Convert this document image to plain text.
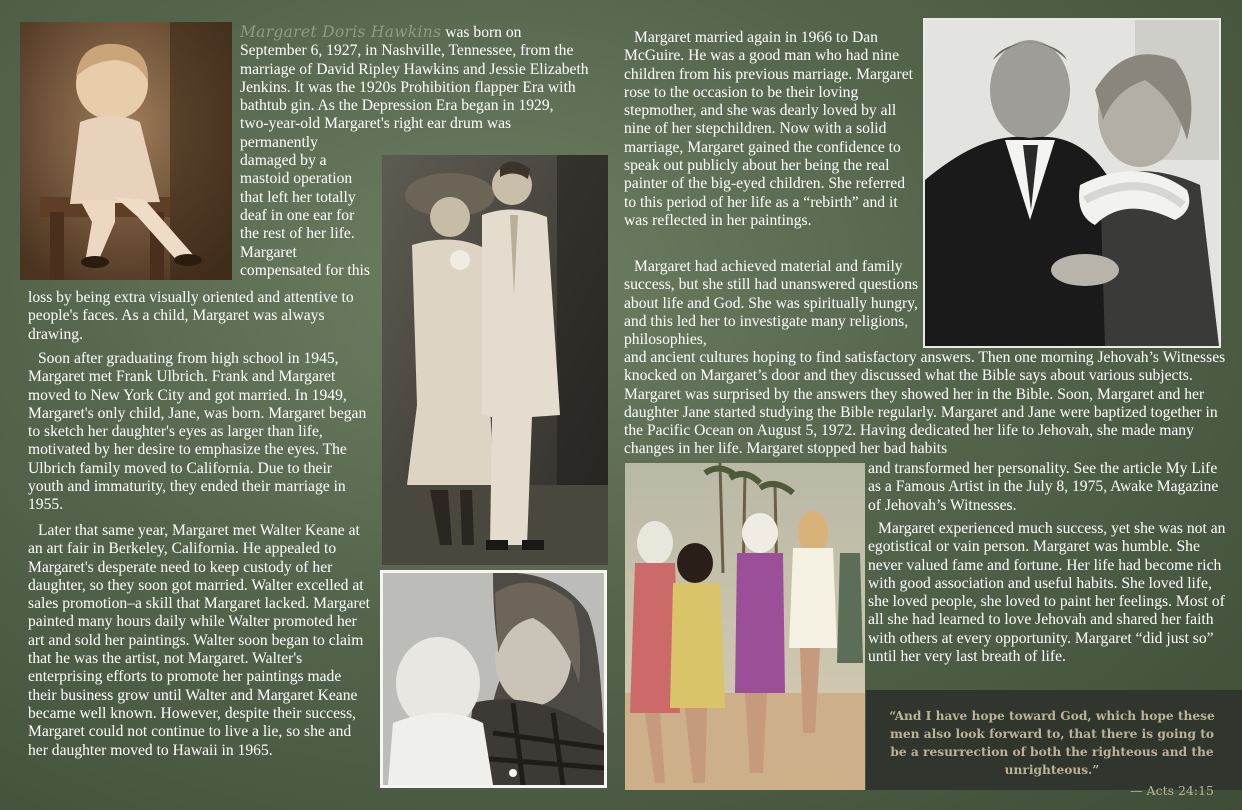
Margaret Doris Hawkins was born on
September 6, 1927, in Nashville, Tennessee, from the
marriage of David Ripley Hawkins and Jessie Elizabeth
Jenkins. It was the 1920s Prohibition flapper Era with
bathtub gin. As the Depression Era began in 1929,
two-year-old Margaret's right ear drum was
permanently
damaged by a
mastoid operation
that left her totally
deaf in one ear for
the rest of her life.
Margaret
compensated for this

loss by being extra visually oriented and attentive to people's faces. As a child, Margaret was always drawing.

Soon after graduating from high school in 1945, Margaret met Frank Ulbrich. Frank and Margaret moved to New York City and got married. In 1949, Margaret's only child, Jane, was born. Margaret began to sketch her daughter's eyes as larger than life, motivated by her desire to emphasize the eyes. The Ulbrich family moved to California. Due to their youth and immaturity, they ended their marriage in 1955.

Later that same year, Margaret met Walter Keane at an art fair in Berkeley, California. He appealed to Margaret's desperate need to keep custody of her daughter, so they soon got married. Walter excelled at sales promotion–a skill that Margaret lacked. Margaret painted many hours daily while Walter promoted her art and sold her paintings. Walter soon began to claim that he was the artist, not Margaret. Walter's enterprising efforts to promote her paintings made their business grow until Walter and Margaret Keane became well known. However, despite their success, Margaret could not continue to live a lie, so she and her daughter moved to Hawaii in 1965.

Margaret married again in 1966 to Dan McGuire. He was a good man who had nine children from his previous marriage. Margaret rose to the occasion to be their loving stepmother, and she was dearly loved by all nine of her stepchildren. Now with a solid marriage, Margaret gained the confidence to speak out publicly about her being the real painter of the big-eyed children. She referred to this period of her life as a “rebirth” and it was reflected in her paintings.

Margaret had achieved material and family success, but she still had unanswered questions about life and God. She was spiritually hungry, and this led her to investigate many religions, philosophies,

and ancient cultures hoping to find satisfactory answers. Then one morning Jehovah’s Witnesses knocked on Margaret’s door and they discussed what the Bible says about various subjects. Margaret was surprised by the answers they showed her in the Bible. Soon, Margaret and her daughter Jane started studying the Bible regularly. Margaret and Jane were baptized together in the Pacific Ocean on August 5, 1972. Having dedicated her life to Jehovah, she made many changes in her life. Margaret stopped her bad habits

and transformed her personality. See the article My Life as a Famous Artist in the July 8, 1975, Awake Magazine of Jehovah’s Witnesses.

Margaret experienced much success, yet she was not an egotistical or vain person. Margaret was humble. She never valued fame and fortune. Her life had become rich with good association and useful habits. She loved life, she loved people, she loved to paint her feelings. Most of all she had learned to love Jehovah and shared her faith with others at every opportunity. Margaret “did just so” until her very last breath of life.

“And I have hope toward God, which hope these men also look forward to, that there is going to be a resurrection of both the righteous and the unrighteous.”

— Acts 24:15
